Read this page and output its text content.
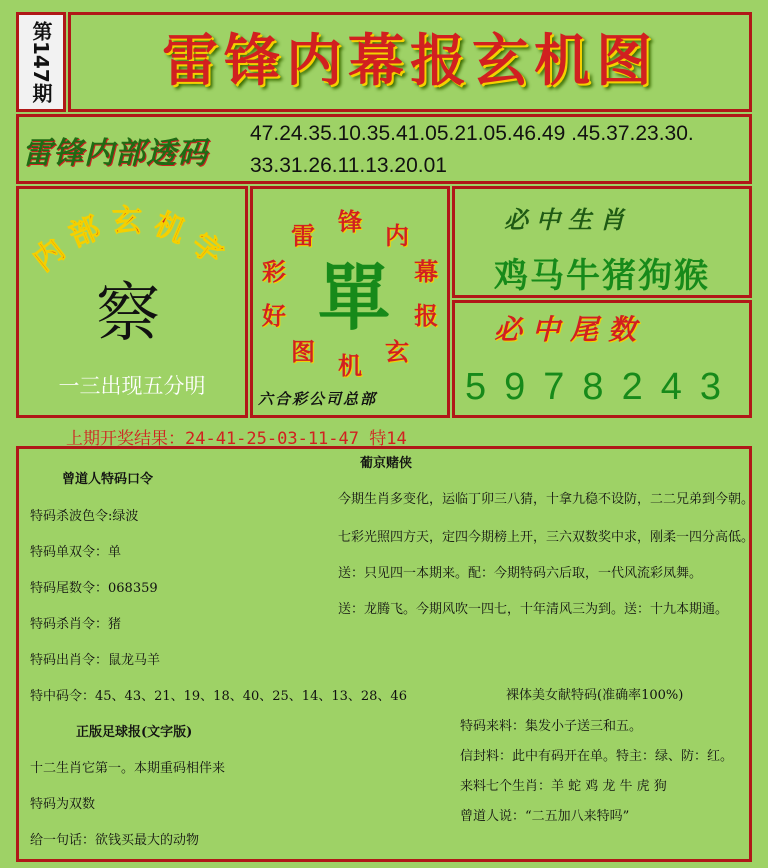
第147期	雷锋内幕报玄机图
雷锋内部透码
47.24.35.10.35.41.05.21.05.46.49 .45.37.23.30.
33.31.26.11.13.20.01
内部玄机字
察
一三出现五分明
雷 锋 内
幕
报
玄
机
图
好
彩 單
六合彩公司总部
必中生肖
鸡马牛猪狗猴
必中尾数
5978243
上期开奖结果：24-41-25-03-11-47 特14
葡京赌侠
曾道人特码口令
特码杀波色令:绿波
特码单双令：单
特码尾数令：068359
特码杀肖令：猪
特码出肖令：鼠龙马羊
特中码令：45、43、21、19、18、40、25、14、13、28、46
正版足球报(文字版)
十二生肖它第一。本期重码相伴来
特码为双数
给一句话：欲钱买最大的动物
今期生肖多变化，运临丁卯三八猜，十拿九稳不设防，二二兄弟到今朝。
七彩光照四方天，定四今期榜上开，三六双数奖中求，刚柔一四分高低。
送：只见四一本期来。配：今期特码六后取，一代风流彩凤舞。
送：龙腾飞。今期风吹一四七，十年清风三为到。送：十九本期通。
裸体美女献特码(准确率100%)
特码来料：集发小子送三和五。
信封料：此中有码开在单。特主：绿、防：红。
来料七个生肖：羊 蛇 鸡 龙 牛 虎 狗
曾道人说：“二五加八来特吗”
